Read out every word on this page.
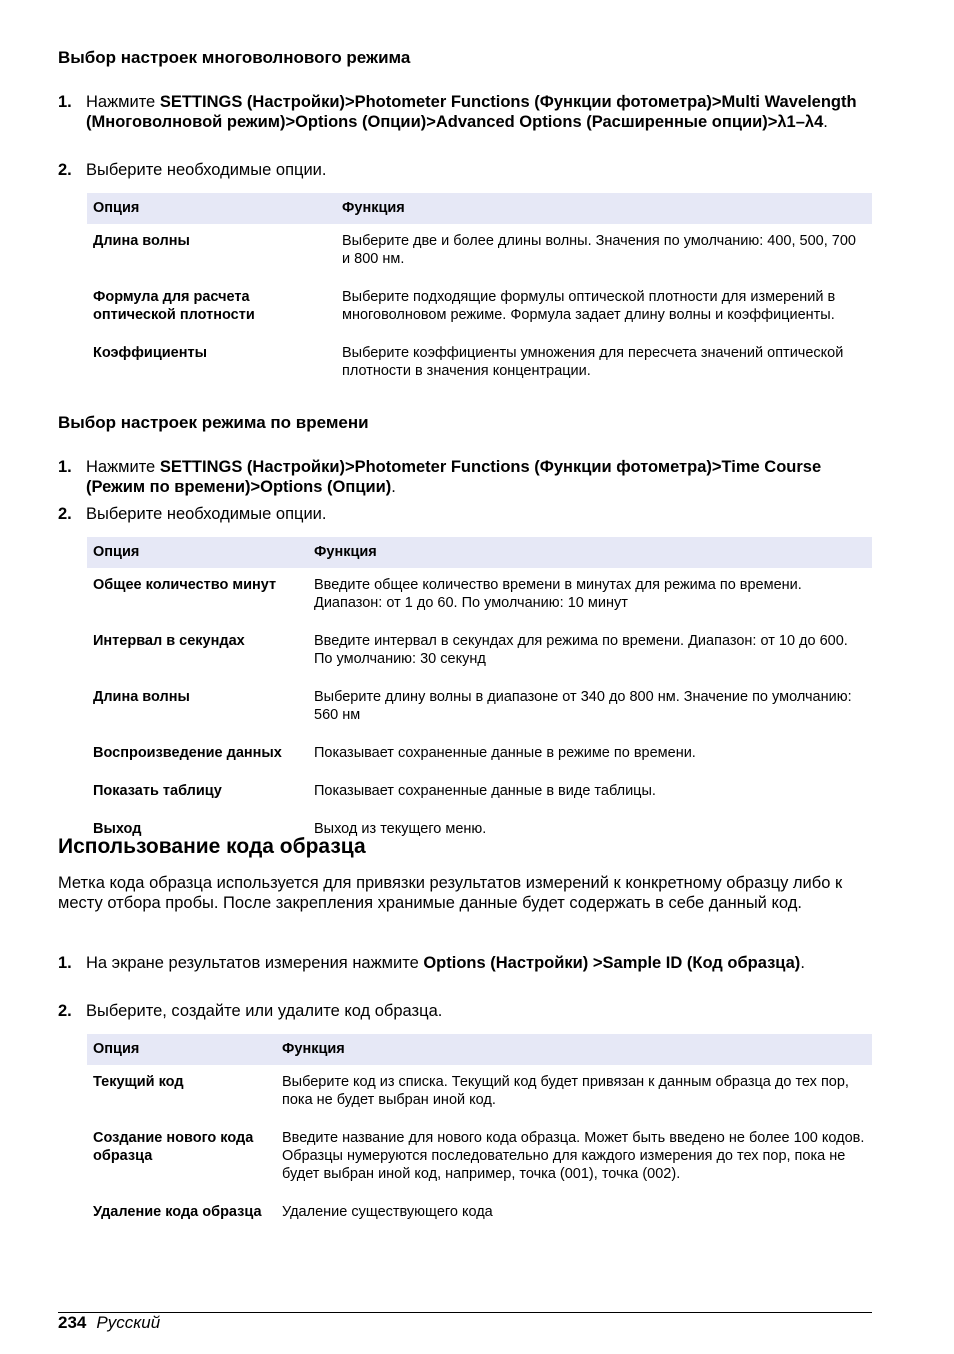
Выбор настроек многоволнового режима
1. Нажмите SETTINGS (Настройки)>Photometer Functions (Функции фотометра)>Multi Wavelength (Многоволновой режим)>Options (Опции)>Advanced Options (Расширенные опции)>λ1–λ4.
2. Выберите необходимые опции.
Опция	Функция
Длина волны	Выберите две и более длины волны. Значения по умолчанию: 400, 500, 700 и 800 нм.
Формула для расчета оптической плотности	Выберите подходящие формулы оптической плотности для измерений в многоволновом режиме. Формула задает длину волны и коэффициенты.
Коэффициенты	Выберите коэффициенты умножения для пересчета значений оптической плотности в значения концентрации.
Выбор настроек режима по времени
1. Нажмите SETTINGS (Настройки)>Photometer Functions (Функции фотометра)>Time Course (Режим по времени)>Options (Опции).
2. Выберите необходимые опции.
Опция	Функция
Общее количество минут	Введите общее количество времени в минутах для режима по времени. Диапазон: от 1 до 60. По умолчанию: 10 минут
Интервал в секундах	Введите интервал в секундах для режима по времени. Диапазон: от 10 до 600. По умолчанию: 30 секунд
Длина волны	Выберите длину волны в диапазоне от 340 до 800 нм. Значение по умолчанию: 560 нм
Воспроизведение данных	Показывает сохраненные данные в режиме по времени.
Показать таблицу	Показывает сохраненные данные в виде таблицы.
Выход	Выход из текущего меню.
Использование кода образца
Метка кода образца используется для привязки результатов измерений к конкретному образцу либо к месту отбора пробы. После закрепления хранимые данные будет содержать в себе данный код.
1. На экране результатов измерения нажмите Options (Настройки) >Sample ID (Код образца).
2. Выберите, создайте или удалите код образца.
Опция	Функция
Текущий код	Выберите код из списка. Текущий код будет привязан к данным образца до тех пор, пока не будет выбран иной код.
Создание нового кода образца	Введите название для нового кода образца. Может быть введено не более 100 кодов. Образцы нумеруются последовательно для каждого измерения до тех пор, пока не будет выбран иной код, например, точка (001), точка (002).
Удаление кода образца	Удаление существующего кода
234 Русский
